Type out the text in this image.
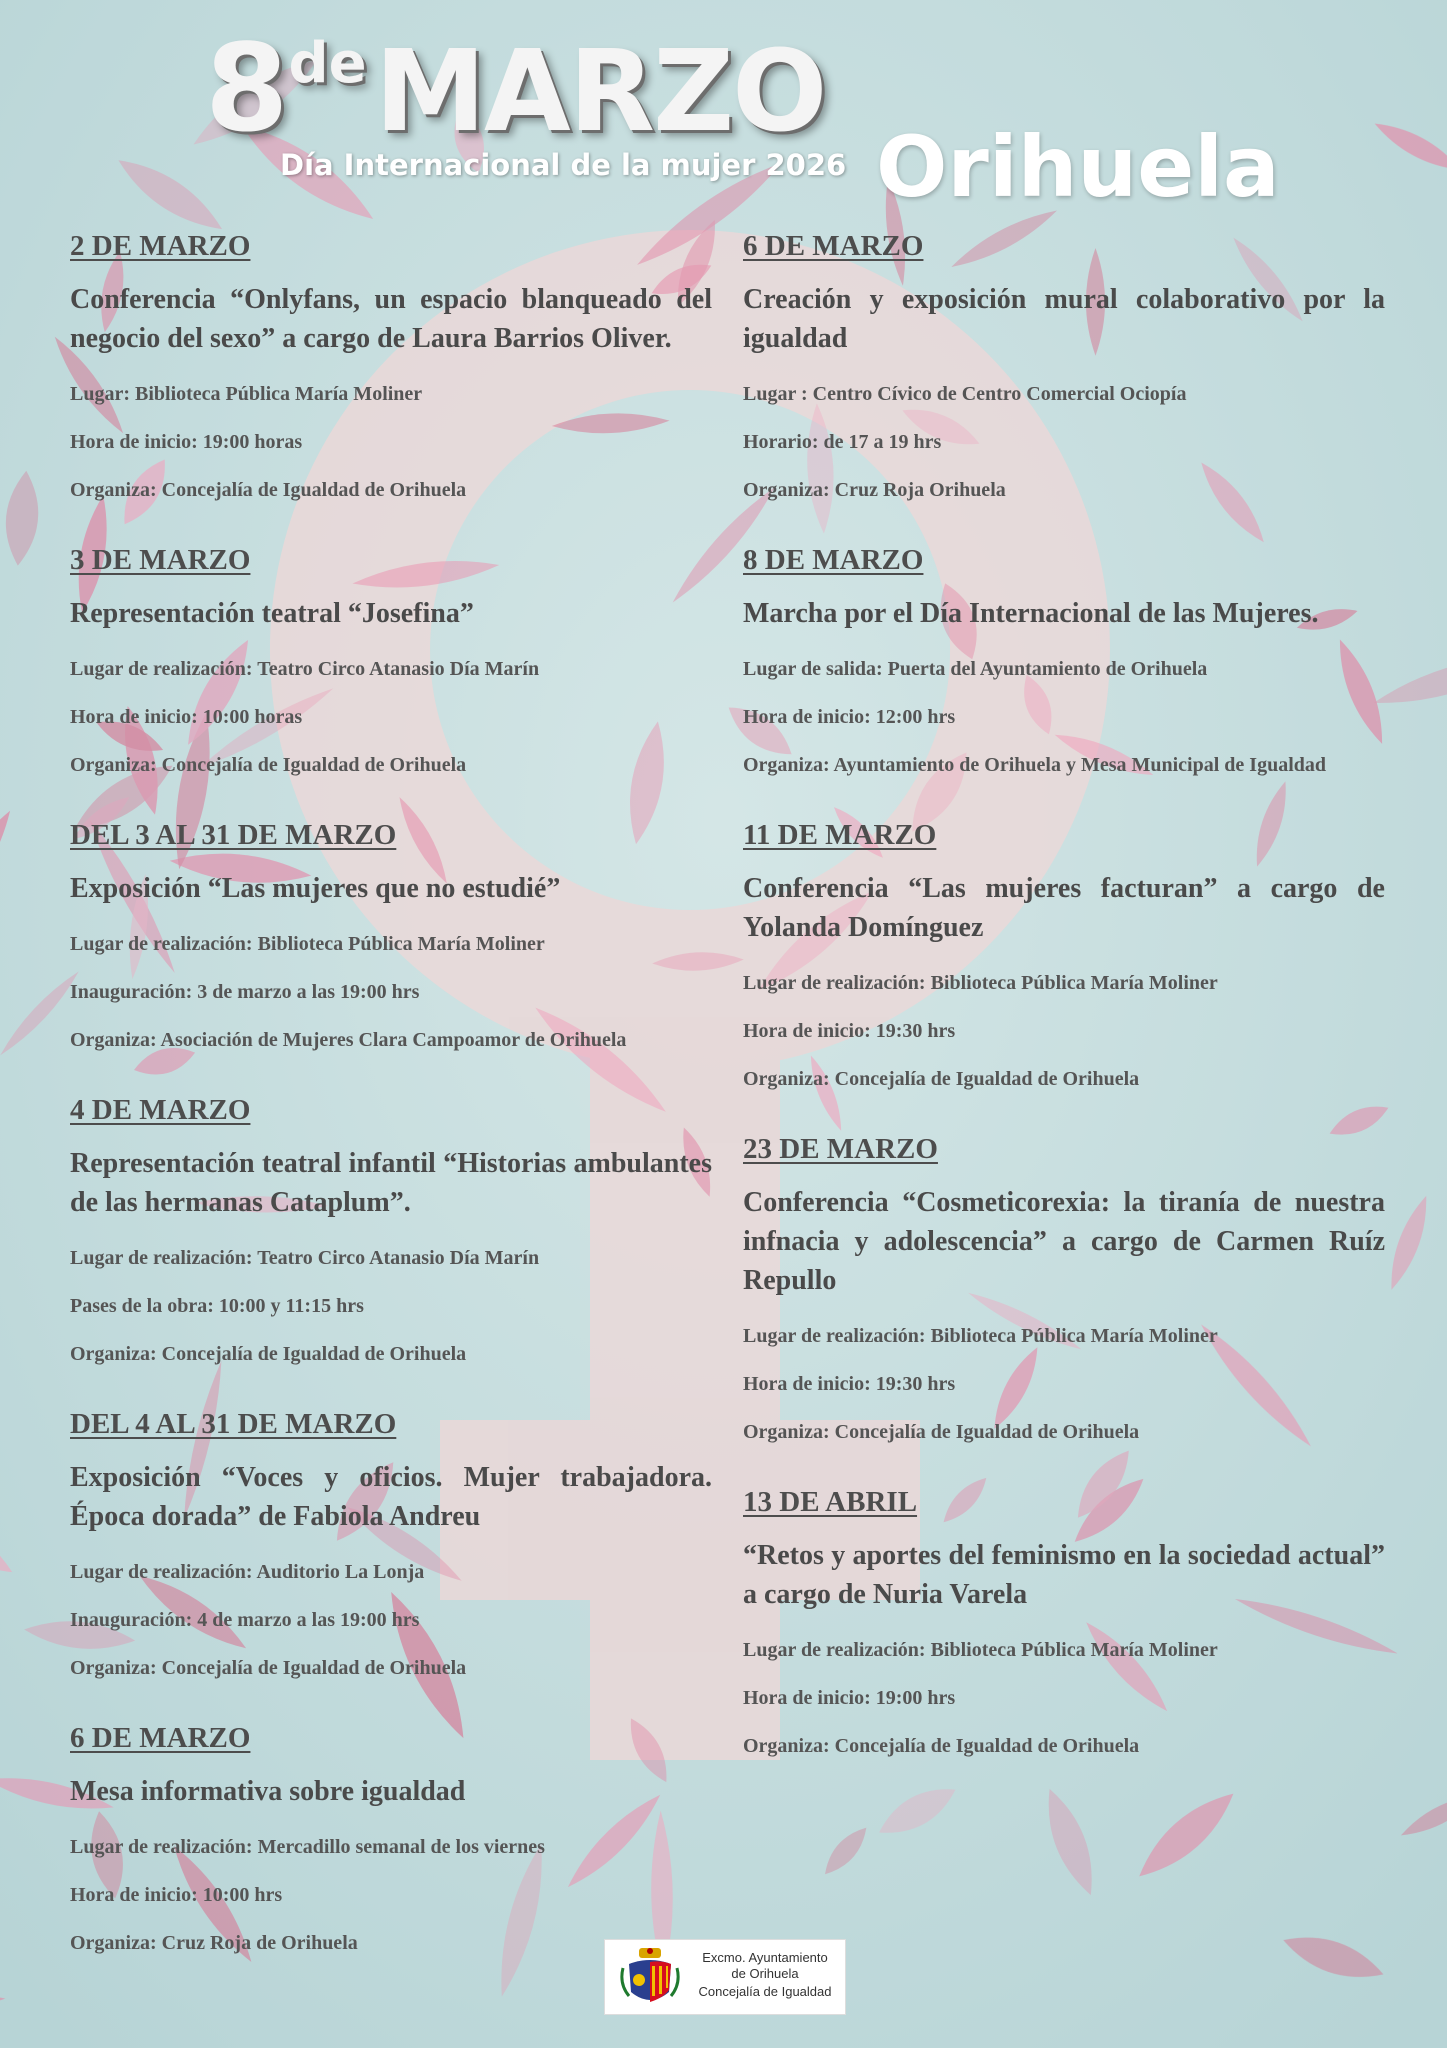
8deMARZO
Día Internacional de la mujer 2026 Orihuela
2 DE MARZO
Conferencia “Onlyfans, un espacio blanqueado del negocio del sexo” a cargo de Laura Barrios Oliver.
Lugar: Biblioteca Pública María Moliner
Hora de inicio: 19:00 horas
Organiza: Concejalía de Igualdad de Orihuela
3 DE MARZO
Representación teatral “Josefina”
Lugar de realización: Teatro Circo Atanasio Día Marín
Hora de inicio: 10:00 horas
Organiza: Concejalía de Igualdad de Orihuela
DEL 3 AL 31 DE MARZO
Exposición “Las mujeres que no estudié”
Lugar de realización: Biblioteca Pública María Moliner
Inauguración: 3 de marzo a las 19:00 hrs
Organiza: Asociación de Mujeres Clara Campoamor de Orihuela
4 DE MARZO
Representación teatral infantil “Historias ambulantes de las hermanas Cataplum”.
Lugar de realización: Teatro Circo Atanasio Día Marín
Pases de la obra: 10:00 y 11:15 hrs
Organiza: Concejalía de Igualdad de Orihuela
DEL 4 AL 31 DE MARZO
Exposición “Voces y oficios. Mujer trabajadora. Época dorada” de Fabiola Andreu
Lugar de realización: Auditorio La Lonja
Inauguración: 4 de marzo a las 19:00 hrs
Organiza: Concejalía de Igualdad de Orihuela
6 DE MARZO
Mesa informativa sobre igualdad
Lugar de realización: Mercadillo semanal de los viernes
Hora de inicio: 10:00 hrs
Organiza: Cruz Roja de Orihuela
6 DE MARZO
Creación y exposición mural colaborativo por la igualdad
Lugar : Centro Cívico de Centro Comercial Ociopía
Horario: de 17 a 19 hrs
Organiza: Cruz Roja Orihuela
8 DE MARZO
Marcha por el Día Internacional de las Mujeres.
Lugar de salida: Puerta del Ayuntamiento de Orihuela
Hora de inicio: 12:00 hrs
Organiza: Ayuntamiento de Orihuela y Mesa Municipal de Igualdad
11 DE MARZO
Conferencia “Las mujeres facturan” a cargo de Yolanda Domínguez
Lugar de realización: Biblioteca Pública María Moliner
Hora de inicio: 19:30 hrs
Organiza: Concejalía de Igualdad de Orihuela
23 DE MARZO
Conferencia “Cosmeticorexia: la tiranía de nuestra infnacia y adolescencia” a cargo de Carmen Ruíz Repullo
Lugar de realización: Biblioteca Pública María Moliner
Hora de inicio: 19:30 hrs
Organiza: Concejalía de Igualdad de Orihuela
13 DE ABRIL
“Retos y aportes del feminismo en la sociedad actual” a cargo de Nuria Varela
Lugar de realización: Biblioteca Pública María Moliner
Hora de inicio: 19:00 hrs
Organiza: Concejalía de Igualdad de Orihuela
Excmo. Ayuntamiento
de Orihuela
Concejalía de Igualdad
